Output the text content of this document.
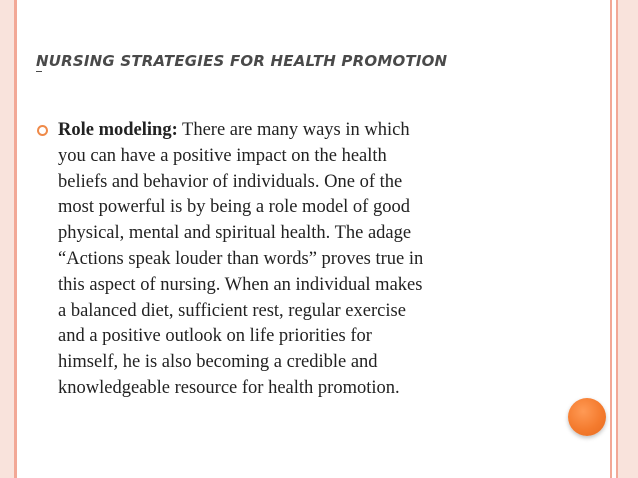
NURSING STRATEGIES FOR HEALTH PROMOTION
Role modeling: There are many ways in which
you can have a positive impact on the health
beliefs and behavior of individuals. One of the
most powerful is by being a role model of good
physical, mental and spiritual health. The adage
“Actions speak louder than words” proves true in
this aspect of nursing. When an individual makes
a balanced diet, sufficient rest, regular exercise
and a positive outlook on life priorities for
himself, he is also becoming a credible and
knowledgeable resource for health promotion.
